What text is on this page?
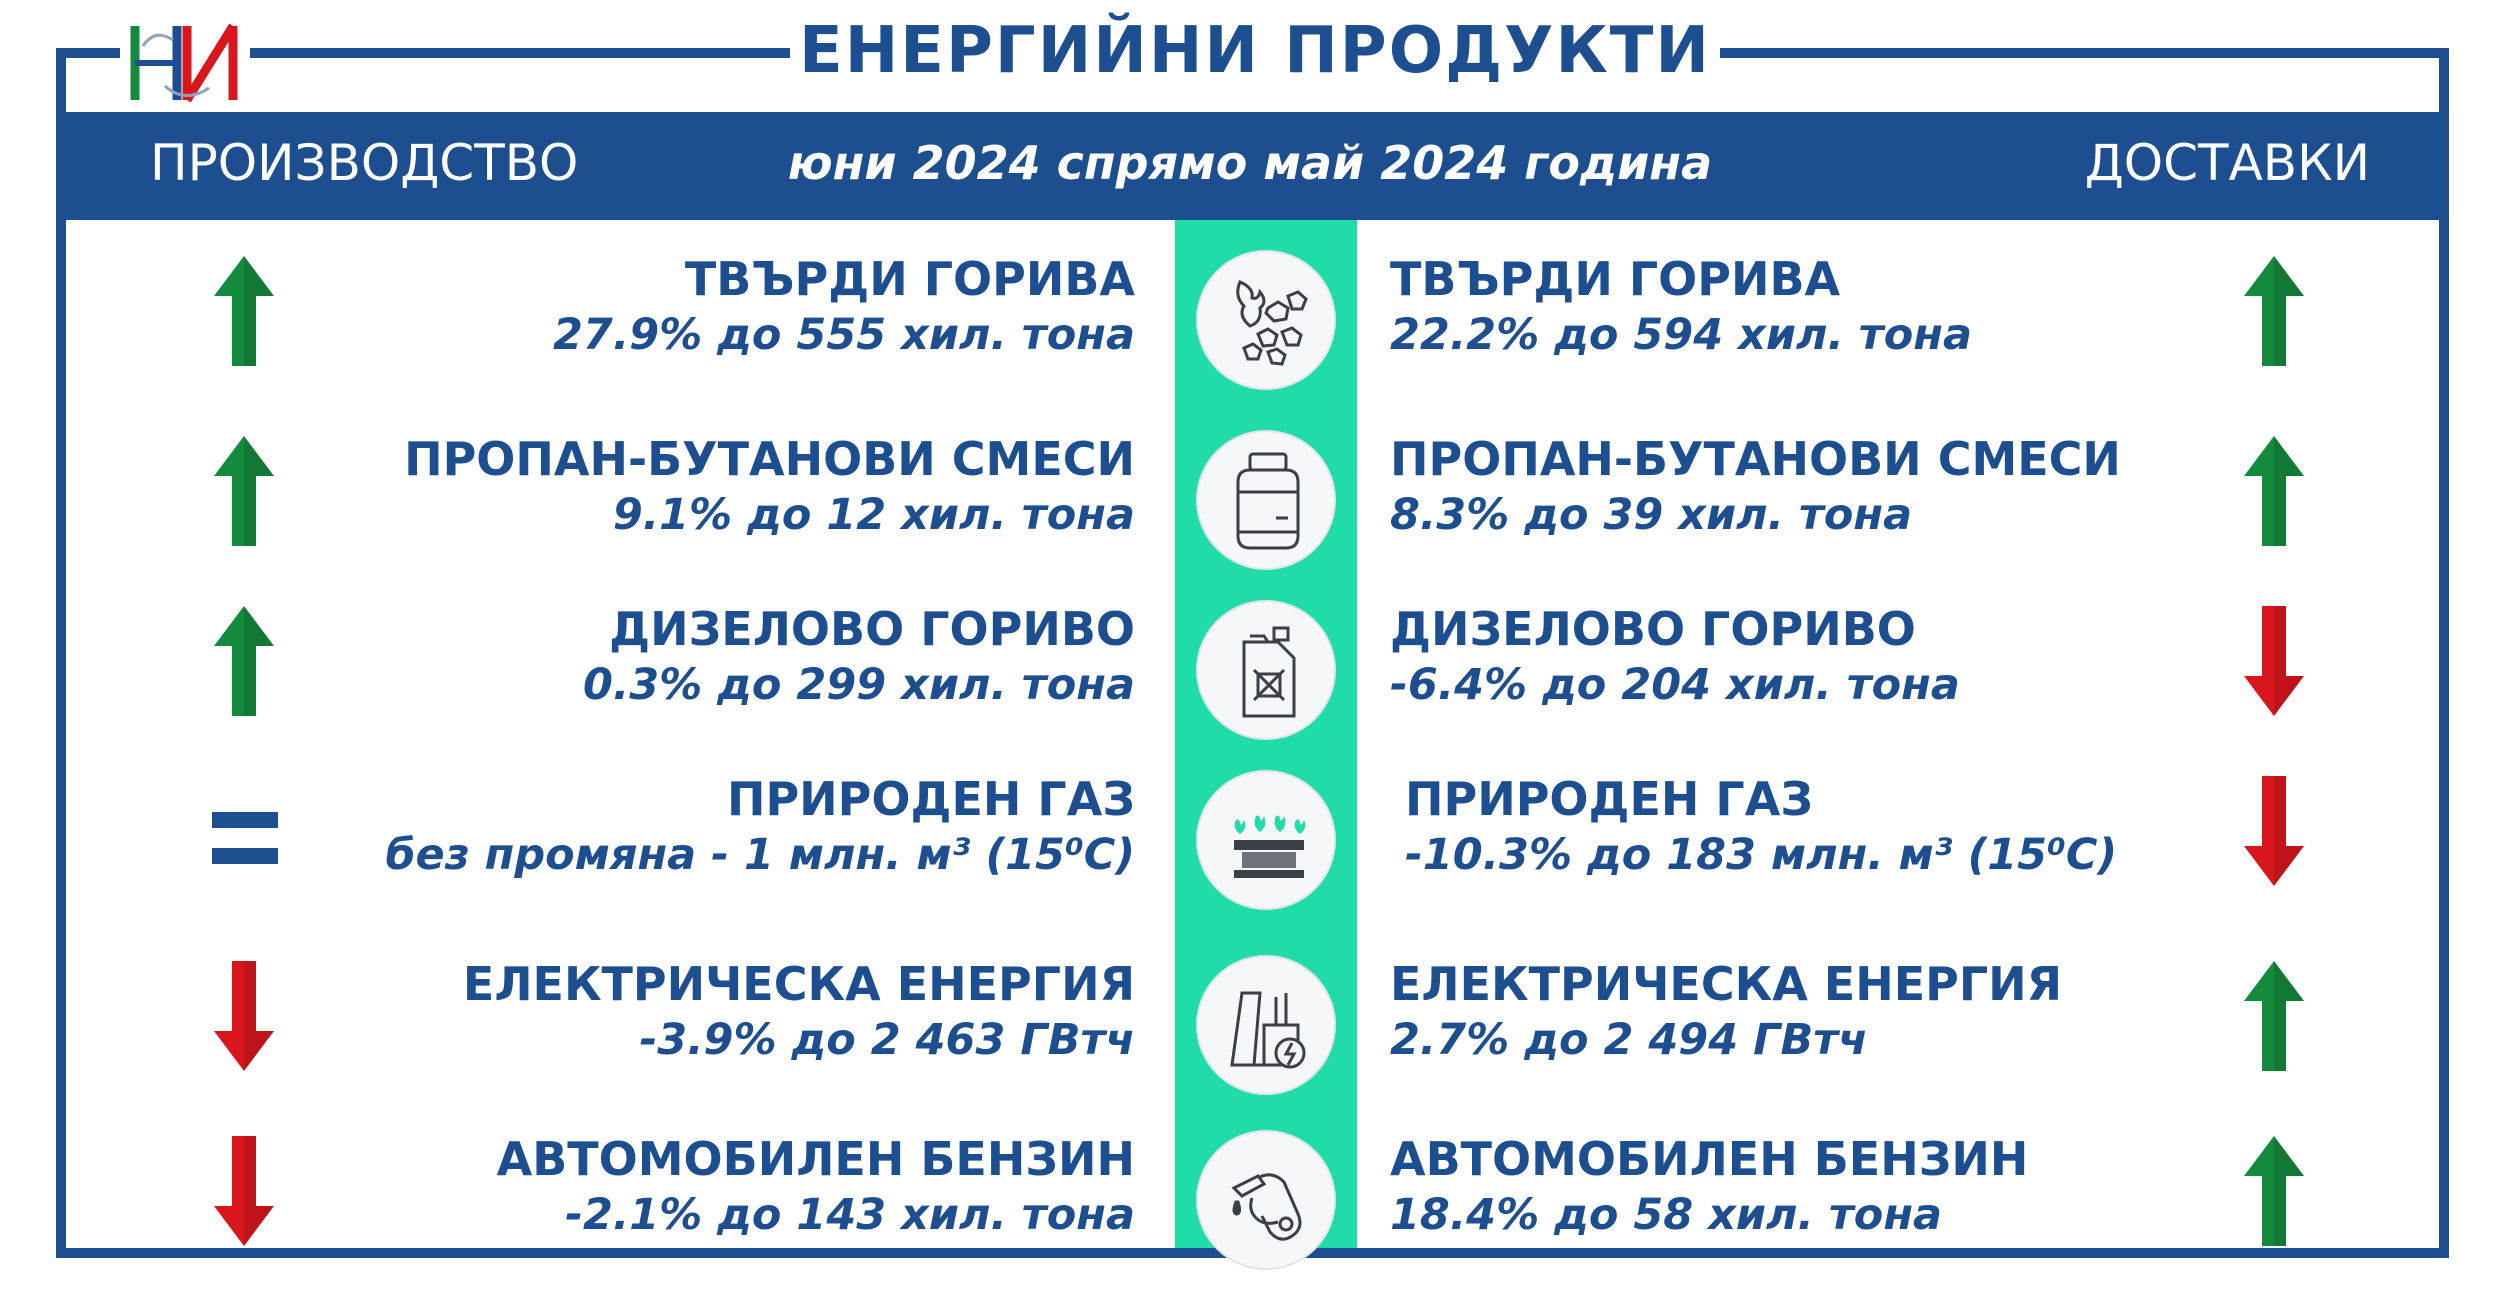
ЕНЕРГИЙНИ ПРОДУКТИ
ПРОИЗВОДСТВО	юни 2024 спрямо май 2024 година	ДОСТАВКИ
ТВЪРДИ ГОРИВА
27.9% до 555 хил. тона
ТВЪРДИ ГОРИВА
22.2% до 594 хил. тона
ПРОПАН-БУТАНОВИ СМЕСИ
9.1% до 12 хил. тона
ПРОПАН-БУТАНОВИ СМЕСИ
8.3% до 39 хил. тона
ДИЗЕЛОВО ГОРИВО
0.3% до 299 хил. тона
ДИЗЕЛОВО ГОРИВО
-6.4% до 204 хил. тона
ПРИРОДЕН ГАЗ
без промяна - 1 млн. м³ (15⁰C)
ПРИРОДЕН ГАЗ
-10.3% до 183 млн. м³ (15⁰C)
ЕЛЕКТРИЧЕСКА ЕНЕРГИЯ
-3.9% до 2 463 ГВтч
ЕЛЕКТРИЧЕСКА ЕНЕРГИЯ
2.7% до 2 494 ГВтч
АВТОМОБИЛЕН БЕНЗИН
-2.1% до 143 хил. тона
АВТОМОБИЛЕН БЕНЗИН
18.4% до 58 хил. тона
